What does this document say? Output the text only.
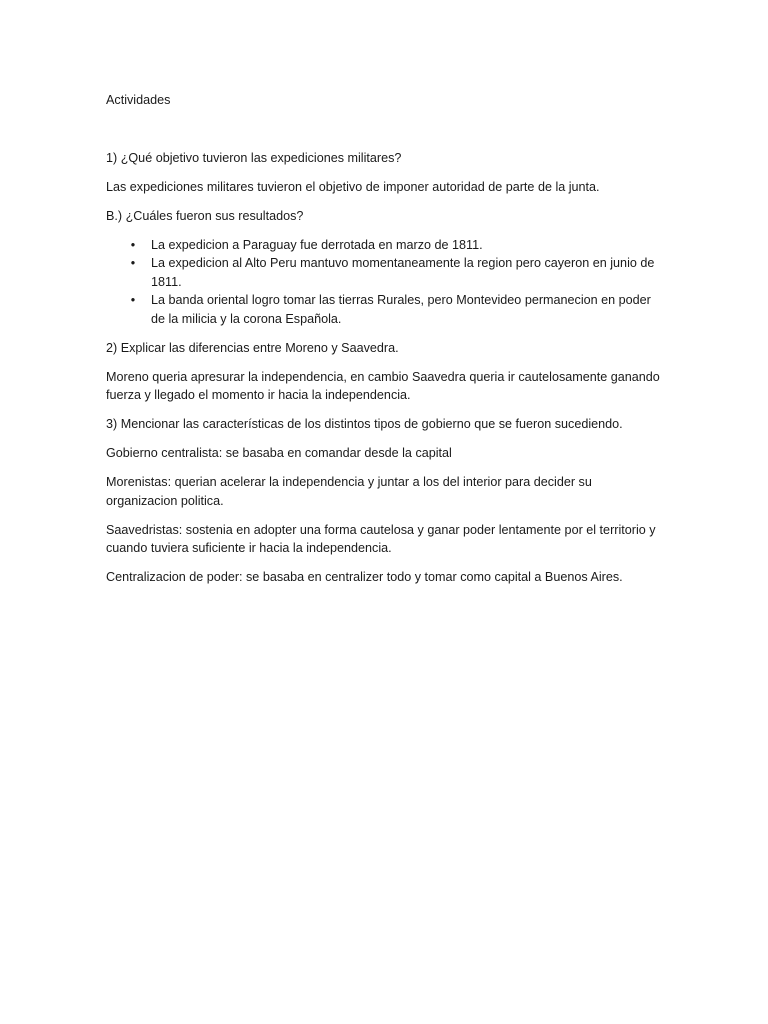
Actividades

1) ¿Qué objetivo tuvieron las expediciones militares?

Las expediciones militares tuvieron el objetivo de imponer autoridad de parte de la junta.

B.) ¿Cuáles fueron sus resultados?

• La expedicion a Paraguay fue derrotada en marzo de 1811.
• La expedicion al Alto Peru mantuvo momentaneamente la region pero cayeron en junio de 1811.
• La banda oriental logro tomar las tierras Rurales, pero Montevideo permanecion en poder de la milicia y la corona Española.

2) Explicar las diferencias entre Moreno y Saavedra.

Moreno queria apresurar la independencia, en cambio Saavedra queria ir cautelosamente ganando fuerza y llegado el momento ir hacia la independencia.

3) Mencionar las características de los distintos tipos de gobierno que se fueron sucediendo.

Gobierno centralista: se basaba en comandar desde la capital

Morenistas: querian acelerar la independencia y juntar a los del interior para decider su organizacion politica.

Saavedristas: sostenia en adopter una forma cautelosa y ganar poder lentamente por el territorio y cuando tuviera suficiente ir hacia la independencia.

Centralizacion de poder: se basaba en centralizer todo y tomar como capital a Buenos Aires.
